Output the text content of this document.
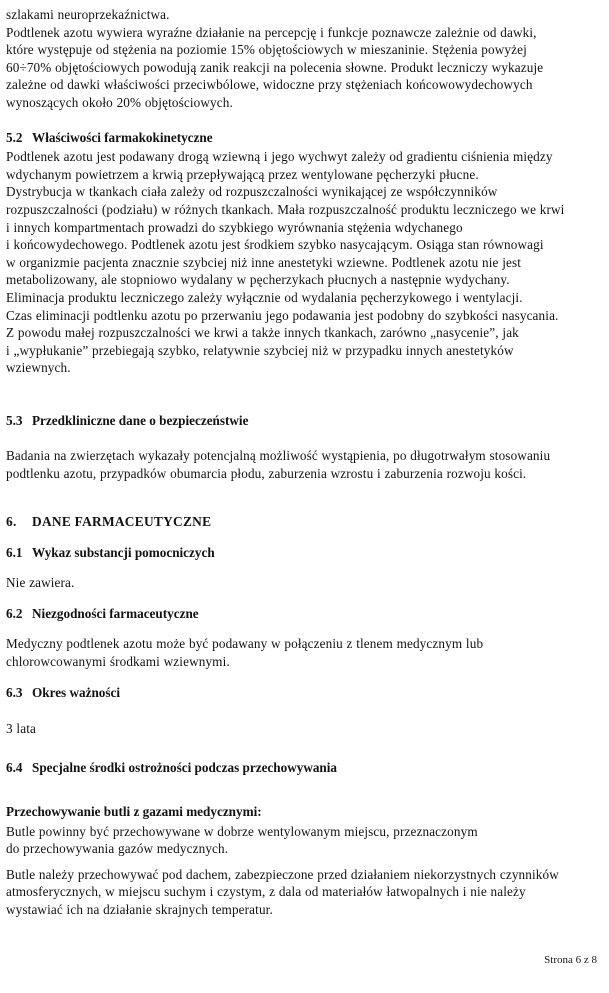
szlakami neuroprzekaźnictwa.
Podtlenek azotu wywiera wyraźne działanie na percepcję i funkcje poznawcze zależnie od dawki,
które występuje od stężenia na poziomie 15% objętościowych w mieszaninie. Stężenia powyżej
60÷70% objętościowych powodują zanik reakcji na polecenia słowne. Produkt leczniczy wykazuje
zależne od dawki właściwości przeciwbólowe, widoczne przy stężeniach końcowowydechowych
wynoszących około 20% objętościowych.

5.2 Właściwości farmakokinetyczne

Podtlenek azotu jest podawany drogą wziewną i jego wychwyt zależy od gradientu ciśnienia między
wdychanym powietrzem a krwią przepływającą przez wentylowane pęcherzyki płucne.
Dystrybucja w tkankach ciała zależy od rozpuszczalności wynikającej ze współczynników
rozpuszczalności (podziału) w różnych tkankach. Mała rozpuszczalność produktu leczniczego we krwi
i innych kompartmentach prowadzi do szybkiego wyrównania stężenia wdychanego
i końcowydechowego. Podtlenek azotu jest środkiem szybko nasycającym. Osiąga stan równowagi
w organizmie pacjenta znacznie szybciej niż inne anestetyki wziewne. Podtlenek azotu nie jest
metabolizowany, ale stopniowo wydalany w pęcherzykach płucnych a następnie wydychany.
Eliminacja produktu leczniczego zależy wyłącznie od wydalania pęcherzykowego i wentylacji.
Czas eliminacji podtlenku azotu po przerwaniu jego podawania jest podobny do szybkości nasycania.
Z powodu małej rozpuszczalności we krwi a także innych tkankach, zarówno „nasycenie”, jak
i „wypłukanie” przebiegają szybko, relatywnie szybciej niż w przypadku innych anestetyków
wziewnych.

5.3 Przedkliniczne dane o bezpieczeństwie

Badania na zwierzętach wykazały potencjalną możliwość wystąpienia, po długotrwałym stosowaniu
podtlenku azotu, przypadków obumarcia płodu, zaburzenia wzrostu i zaburzenia rozwoju kości.

6. DANE FARMACEUTYCZNE

6.1 Wykaz substancji pomocniczych

Nie zawiera.

6.2 Niezgodności farmaceutyczne

Medyczny podtlenek azotu może być podawany w połączeniu z tlenem medycznym lub
chlorowcowanymi środkami wziewnymi.

6.3 Okres ważności

3 lata

6.4 Specjalne środki ostrożności podczas przechowywania

Przechowywanie butli z gazami medycznymi:

Butle powinny być przechowywane w dobrze wentylowanym miejscu, przeznaczonym
do przechowywania gazów medycznych.

Butle należy przechowywać pod dachem, zabezpieczone przed działaniem niekorzystnych czynników
atmosferycznych, w miejscu suchym i czystym, z dala od materiałów łatwopalnych i nie należy
wystawiać ich na działanie skrajnych temperatur.

Strona 6 z 8
